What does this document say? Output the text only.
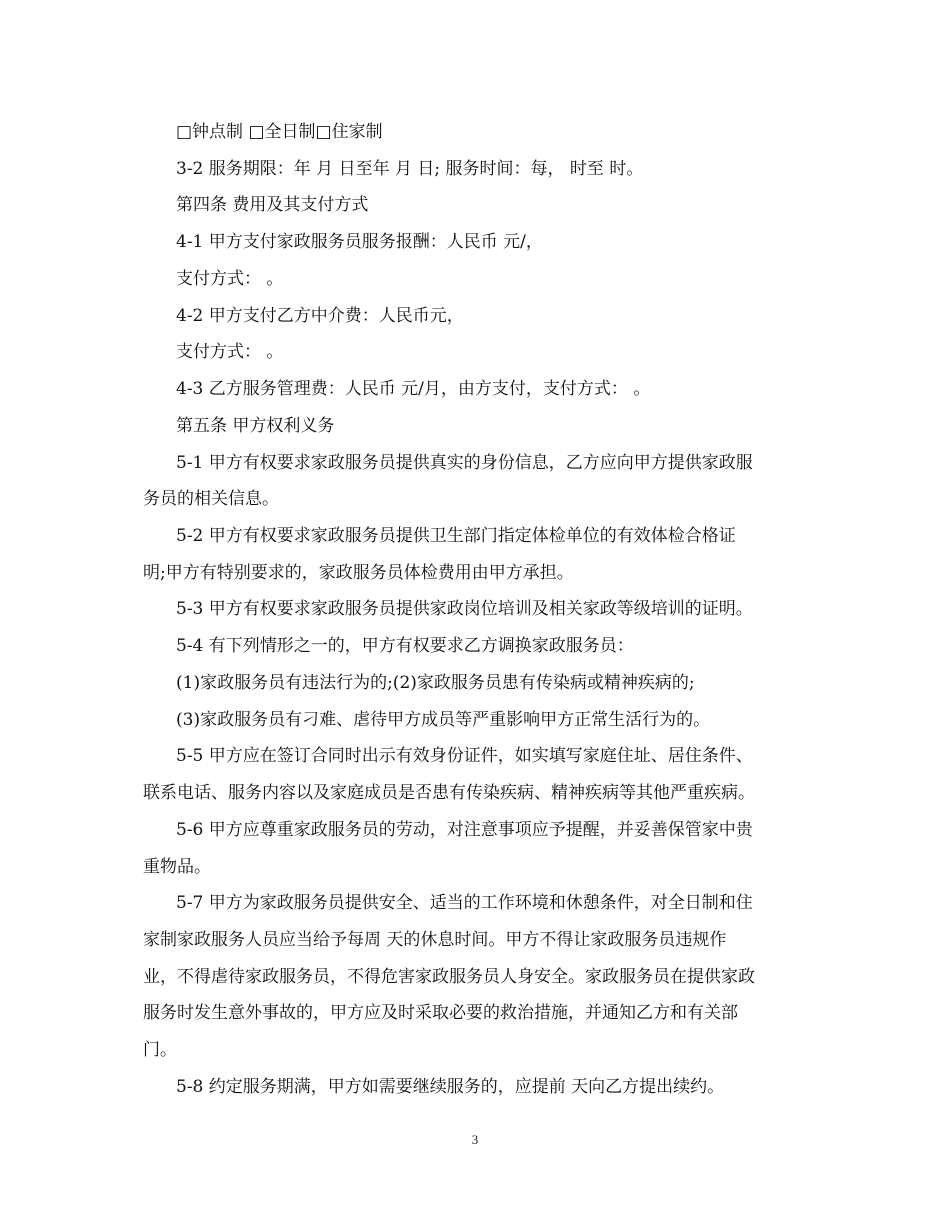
□钟点制 □全日制□住家制
3-2 服务期限：年 月 日至年 月 日; 服务时间：每， 时至 时。
第四条 费用及其支付方式
4-1 甲方支付家政服务员服务报酬：人民币 元/，
支付方式： 。
4-2 甲方支付乙方中介费：人民币元，
支付方式： 。
4-3 乙方服务管理费：人民币 元/月，由方支付，支付方式： 。
第五条 甲方权利义务
5-1 甲方有权要求家政服务员提供真实的身份信息，乙方应向甲方提供家政服
务员的相关信息。
5-2 甲方有权要求家政服务员提供卫生部门指定体检单位的有效体检合格证
明;甲方有特别要求的，家政服务员体检费用由甲方承担。
5-3 甲方有权要求家政服务员提供家政岗位培训及相关家政等级培训的证明。
5-4 有下列情形之一的，甲方有权要求乙方调换家政服务员：
(1)家政服务员有违法行为的;(2)家政服务员患有传染病或精神疾病的;
(3)家政服务员有刁难、虐待甲方成员等严重影响甲方正常生活行为的。
5-5 甲方应在签订合同时出示有效身份证件，如实填写家庭住址、居住条件、
联系电话、服务内容以及家庭成员是否患有传染疾病、精神疾病等其他严重疾病。
5-6 甲方应尊重家政服务员的劳动，对注意事项应予提醒，并妥善保管家中贵
重物品。
5-7 甲方为家政服务员提供安全、适当的工作环境和休憩条件，对全日制和住
家制家政服务人员应当给予每周 天的休息时间。甲方不得让家政服务员违规作
业，不得虐待家政服务员，不得危害家政服务员人身安全。家政服务员在提供家政
服务时发生意外事故的，甲方应及时采取必要的救治措施，并通知乙方和有关部
门。
5-8 约定服务期满，甲方如需要继续服务的，应提前 天向乙方提出续约。
3
